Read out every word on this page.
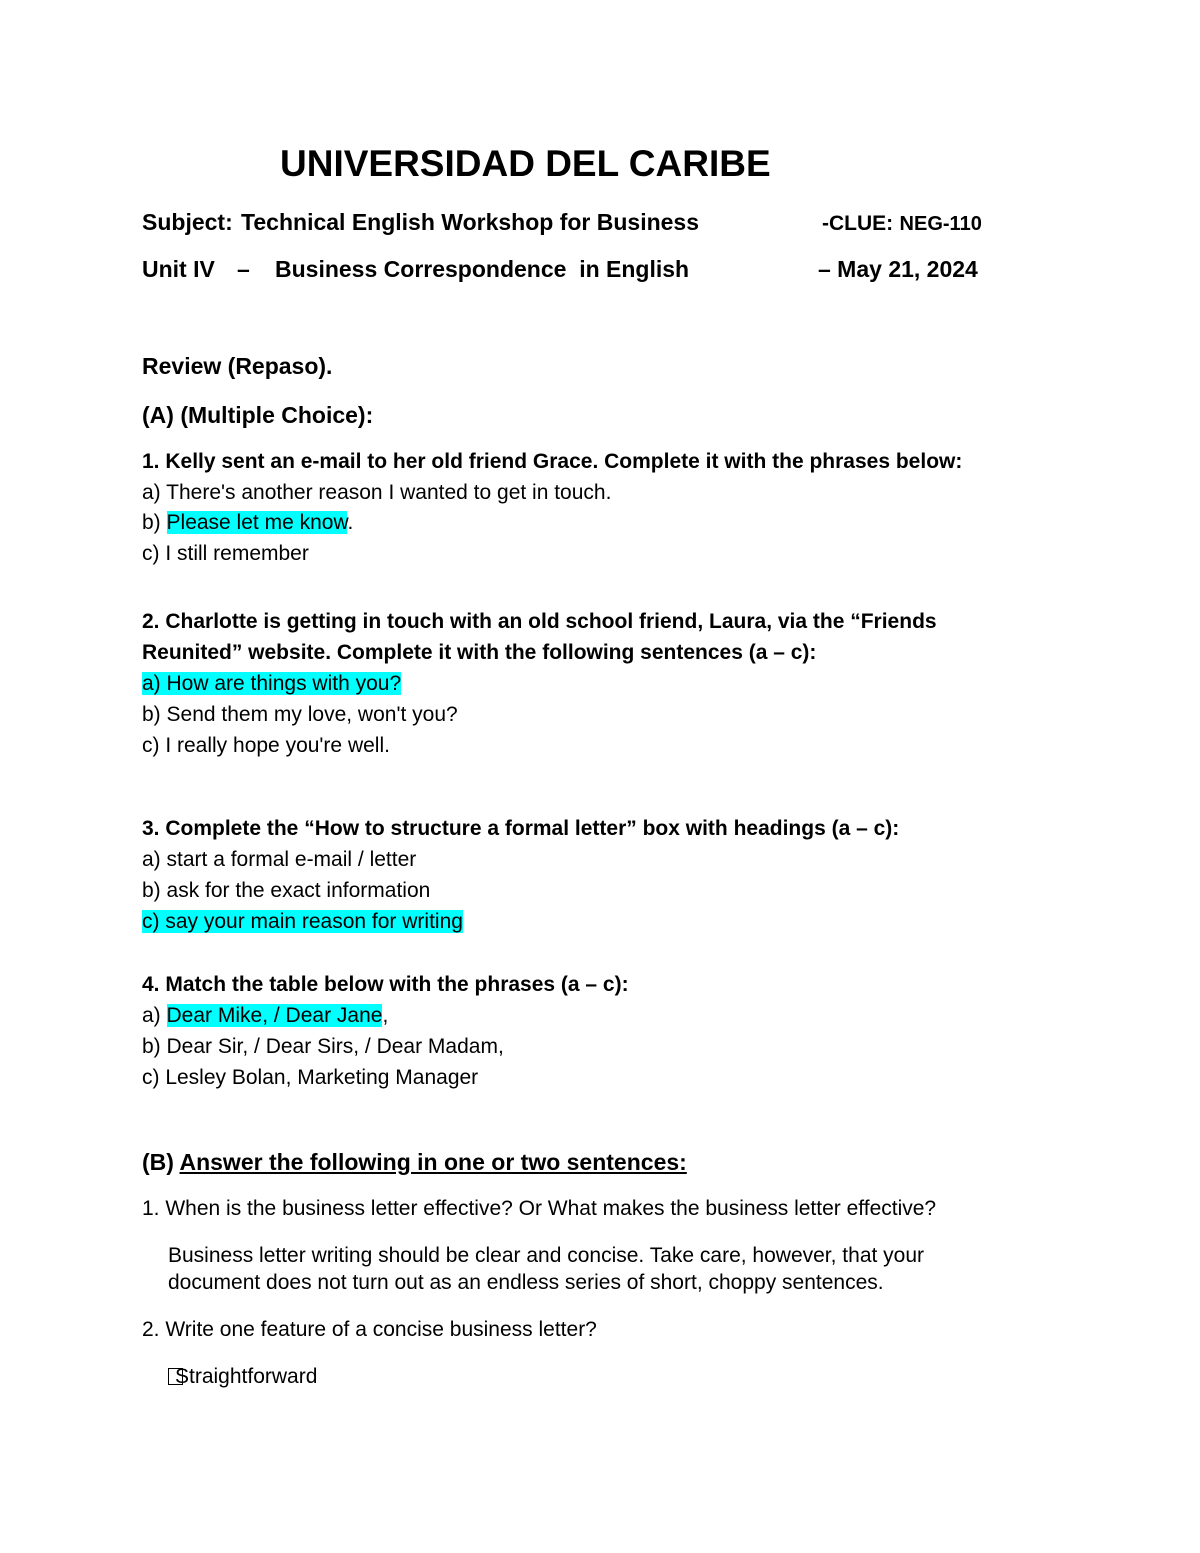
UNIVERSIDAD DEL CARIBE
Subject:   Technical English Workshop for Business	-CLUE: NEG-110
Unit IV – Business Correspondence  in English	– May 21, 2024
Review (Repaso).
(A) (Multiple Choice):
1. Kelly sent an e-mail to her old friend Grace. Complete it with the phrases below:
a) There's another reason I wanted to get in touch.
b) Please let me know.
c) I still remember
2. Charlotte is getting in touch with an old school friend, Laura, via the “Friends
Reunited” website. Complete it with the following sentences (a – c):
a) How are things with you?
b) Send them my love, won't you?
c) I really hope you're well.
3. Complete the “How to structure a formal letter” box with headings (a – c):
a) start a formal e-mail / letter
b) ask for the exact information
c) say your main reason for writing
4. Match the table below with the phrases (a – c):
a) Dear Mike, / Dear Jane,
b) Dear Sir, / Dear Sirs, / Dear Madam,
c) Lesley Bolan, Marketing Manager
(B) Answer the following in one or two sentences:
1. When is the business letter effective? Or What makes the business letter effective?
Business letter writing should be clear and concise. Take care, however, that your
document does not turn out as an endless series of short, choppy sentences.
2. Write one feature of a concise business letter?
Straightforward
